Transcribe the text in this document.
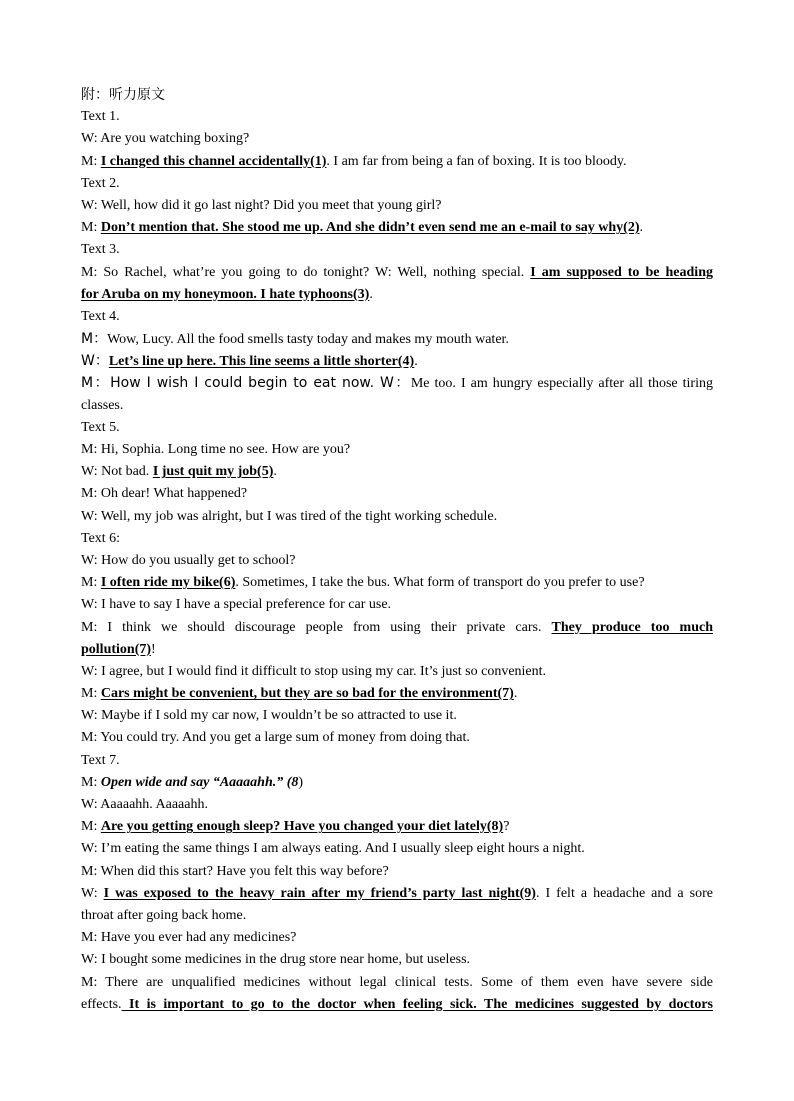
附：听力原文
Text 1.
W: Are you watching boxing?
M: I changed this channel accidentally(1). I am far from being a fan of boxing. It is too bloody.
Text 2.
W: Well, how did it go last night? Did you meet that young girl?
M: Don’t mention that. She stood me up. And she didn’t even send me an e-mail to say why(2).
Text 3.
M: So Rachel, what’re you going to do tonight? W: Well, nothing special. I am supposed to be heading
for Aruba on my honeymoon. I hate typhoons(3).
Text 4.
M：Wow, Lucy. All the food smells tasty today and makes my mouth water.
W：Let’s line up here. This line seems a little shorter(4).
M：How I wish I could begin to eat now. W：Me too. I am hungry especially after all those tiring
classes.
Text 5.
M: Hi, Sophia. Long time no see. How are you?
W: Not bad. I just quit my job(5).
M: Oh dear! What happened?
W: Well, my job was alright, but I was tired of the tight working schedule.
Text 6:
W: How do you usually get to school?
M: I often ride my bike(6). Sometimes, I take the bus. What form of transport do you prefer to use?
W: I have to say I have a special preference for car use.
M: I think we should discourage people from using their private cars. They produce too much
pollution(7)!
W: I agree, but I would find it difficult to stop using my car. It’s just so convenient.
M: Cars might be convenient, but they are so bad for the environment(7).
W: Maybe if I sold my car now, I wouldn’t be so attracted to use it.
M: You could try. And you get a large sum of money from doing that.
Text 7.
M: Open wide and say “Aaaaahh.” (8)
W: Aaaaahh. Aaaaahh.
M: Are you getting enough sleep? Have you changed your diet lately(8)?
W: I’m eating the same things I am always eating. And I usually sleep eight hours a night.
M: When did this start? Have you felt this way before?
W: I was exposed to the heavy rain after my friend’s party last night(9). I felt a headache and a sore
throat after going back home.
M: Have you ever had any medicines?
W: I bought some medicines in the drug store near home, but useless.
M: There are unqualified medicines without legal clinical tests. Some of them even have severe side
effects. It is important to go to the doctor when feeling sick. The medicines suggested by doctors
